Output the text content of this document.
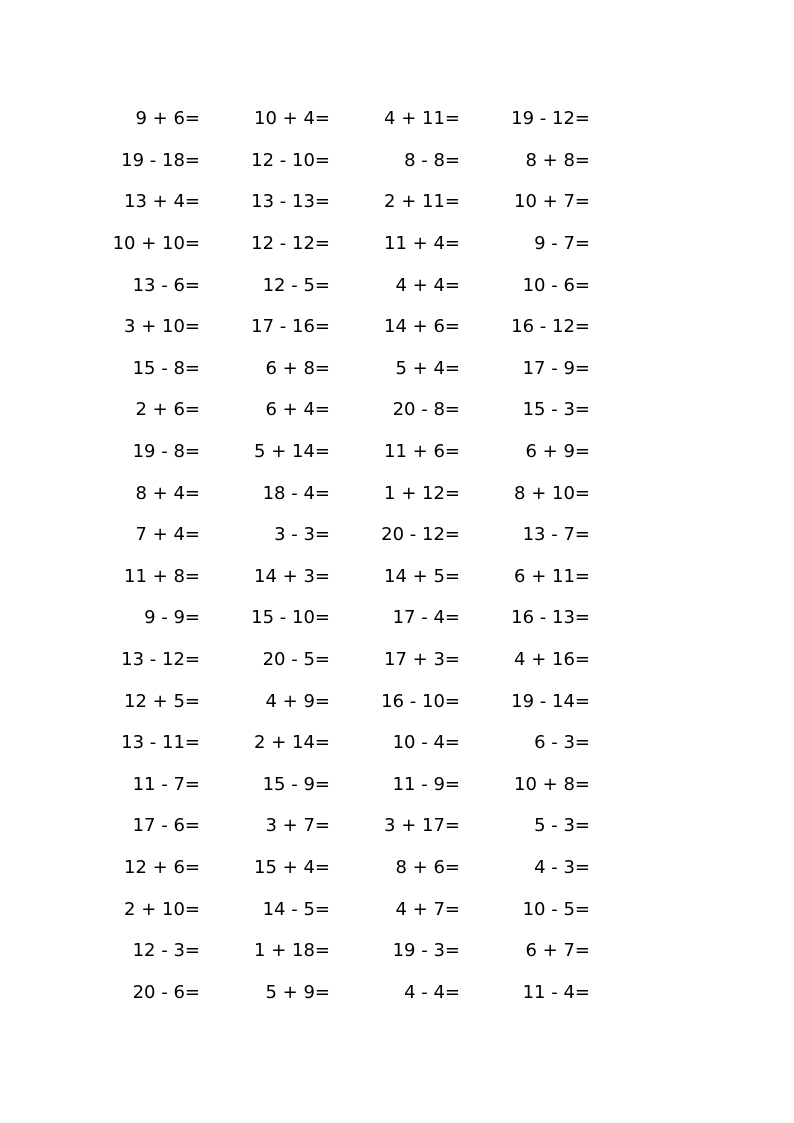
9 + 6=	10 + 4=	4 + 11=	19 - 12=
19 - 18=	12 - 10=	8 - 8=	8 + 8=
13 + 4=	13 - 13=	2 + 11=	10 + 7=
10 + 10=	12 - 12=	11 + 4=	9 - 7=
13 - 6=	12 - 5=	4 + 4=	10 - 6=
3 + 10=	17 - 16=	14 + 6=	16 - 12=
15 - 8=	6 + 8=	5 + 4=	17 - 9=
2 + 6=	6 + 4=	20 - 8=	15 - 3=
19 - 8=	5 + 14=	11 + 6=	6 + 9=
8 + 4=	18 - 4=	1 + 12=	8 + 10=
7 + 4=	3 - 3=	20 - 12=	13 - 7=
11 + 8=	14 + 3=	14 + 5=	6 + 11=
9 - 9=	15 - 10=	17 - 4=	16 - 13=
13 - 12=	20 - 5=	17 + 3=	4 + 16=
12 + 5=	4 + 9=	16 - 10=	19 - 14=
13 - 11=	2 + 14=	10 - 4=	6 - 3=
11 - 7=	15 - 9=	11 - 9=	10 + 8=
17 - 6=	3 + 7=	3 + 17=	5 - 3=
12 + 6=	15 + 4=	8 + 6=	4 - 3=
2 + 10=	14 - 5=	4 + 7=	10 - 5=
12 - 3=	1 + 18=	19 - 3=	6 + 7=
20 - 6=	5 + 9=	4 - 4=	11 - 4=
